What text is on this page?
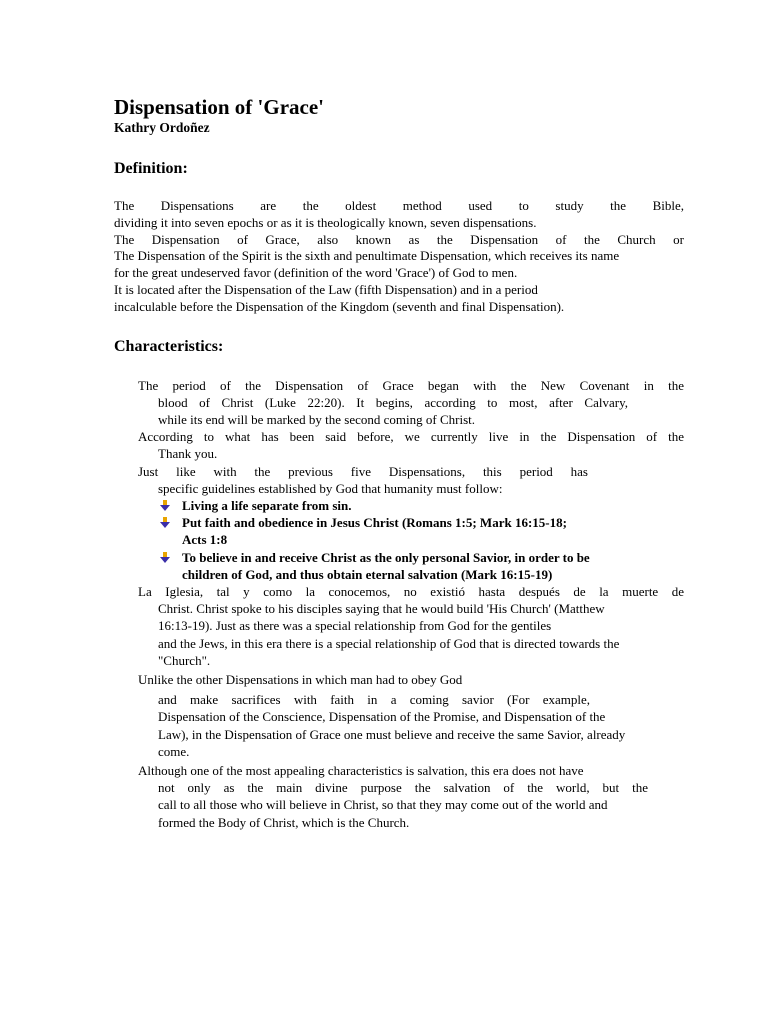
Dispensation of 'Grace'
Kathry Ordoñez
Definition:
The Dispensations are the oldest method used to study the Bible,
dividing it into seven epochs or as it is theologically known, seven dispensations.
The Dispensation of Grace, also known as the Dispensation of the Church or
The Dispensation of the Spirit is the sixth and penultimate Dispensation, which receives its name
for the great undeserved favor (definition of the word 'Grace') of God to men.
It is located after the Dispensation of the Law (fifth Dispensation) and in a period
incalculable before the Dispensation of the Kingdom (seventh and final Dispensation).
Characteristics:
The period of the Dispensation of Grace began with the New Covenant in the
blood of Christ (Luke 22:20). It begins, according to most, after Calvary,
while its end will be marked by the second coming of Christ.
According to what has been said before, we currently live in the Dispensation of the
Thank you.
Just like with the previous five Dispensations, this period has
specific guidelines established by God that humanity must follow:
Living a life separate from sin.
Put faith and obedience in Jesus Christ (Romans 1:5; Mark 16:15-18;
Acts 1:8
To believe in and receive Christ as the only personal Savior, in order to be
children of God, and thus obtain eternal salvation (Mark 16:15-19)
La Iglesia, tal y como la conocemos, no existió hasta después de la muerte de
Christ. Christ spoke to his disciples saying that he would build 'His Church' (Matthew
16:13-19). Just as there was a special relationship from God for the gentiles
and the Jews, in this era there is a special relationship of God that is directed towards the
"Church".
Unlike the other Dispensations in which man had to obey God
and make sacrifices with faith in a coming savior (For example,
Dispensation of the Conscience, Dispensation of the Promise, and Dispensation of the
Law), in the Dispensation of Grace one must believe and receive the same Savior, already
come.
Although one of the most appealing characteristics is salvation, this era does not have
not only as the main divine purpose the salvation of the world, but the
call to all those who will believe in Christ, so that they may come out of the world and
formed the Body of Christ, which is the Church.
